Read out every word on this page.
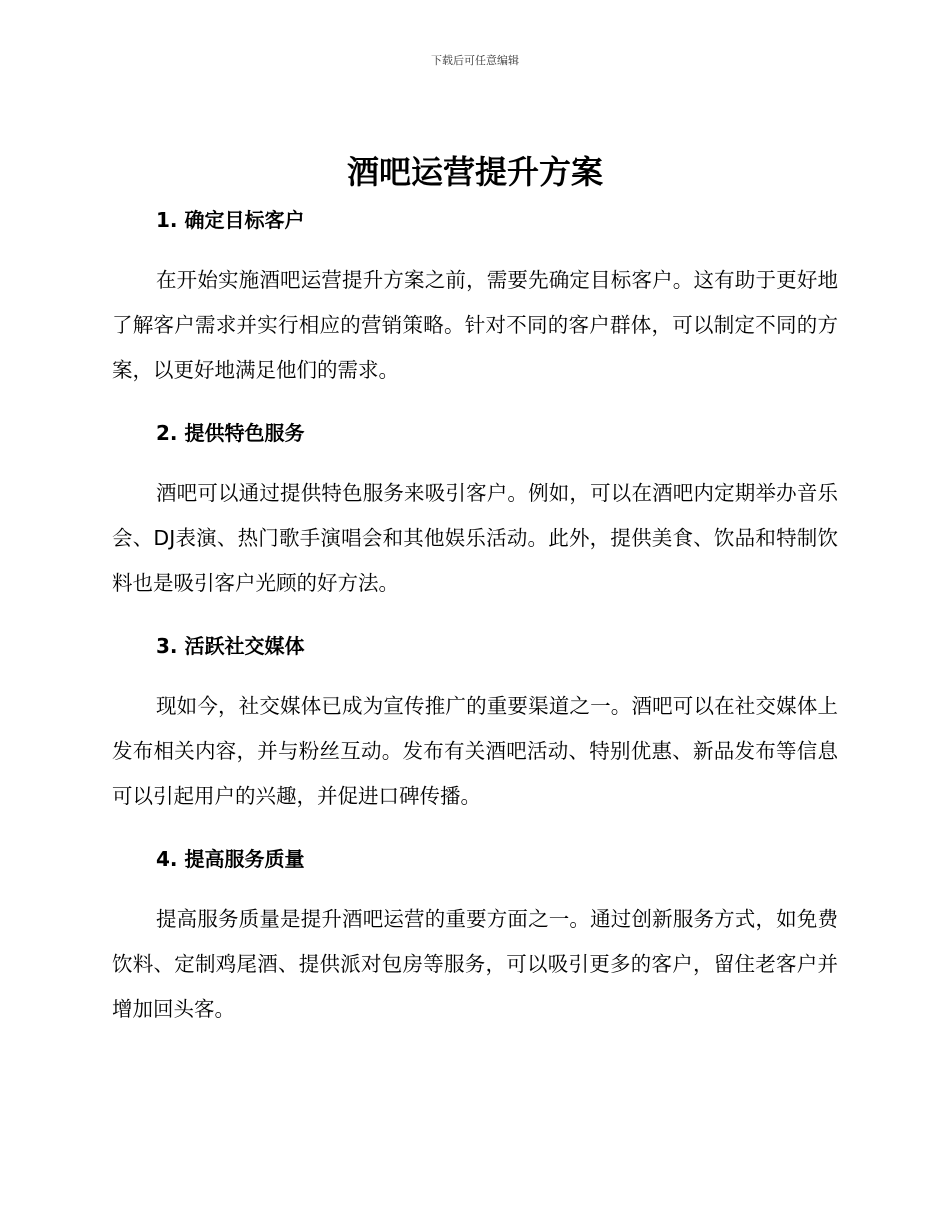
下载后可任意编辑
酒吧运营提升方案
1. 确定目标客户

在开始实施酒吧运营提升方案之前，需要先确定目标客户。这有助于更好地了解客户需求并实行相应的营销策略。针对不同的客户群体，可以制定不同的方案，以更好地满足他们的需求。

2. 提供特色服务

酒吧可以通过提供特色服务来吸引客户。例如，可以在酒吧内定期举办音乐会、DJ表演、热门歌手演唱会和其他娱乐活动。此外，提供美食、饮品和特制饮料也是吸引客户光顾的好方法。

3. 活跃社交媒体

现如今，社交媒体已成为宣传推广的重要渠道之一。酒吧可以在社交媒体上发布相关内容，并与粉丝互动。发布有关酒吧活动、特别优惠、新品发布等信息可以引起用户的兴趣，并促进口碑传播。

4. 提高服务质量

提高服务质量是提升酒吧运营的重要方面之一。通过创新服务方式，如免费饮料、定制鸡尾酒、提供派对包房等服务，可以吸引更多的客户，留住老客户并增加回头客。
